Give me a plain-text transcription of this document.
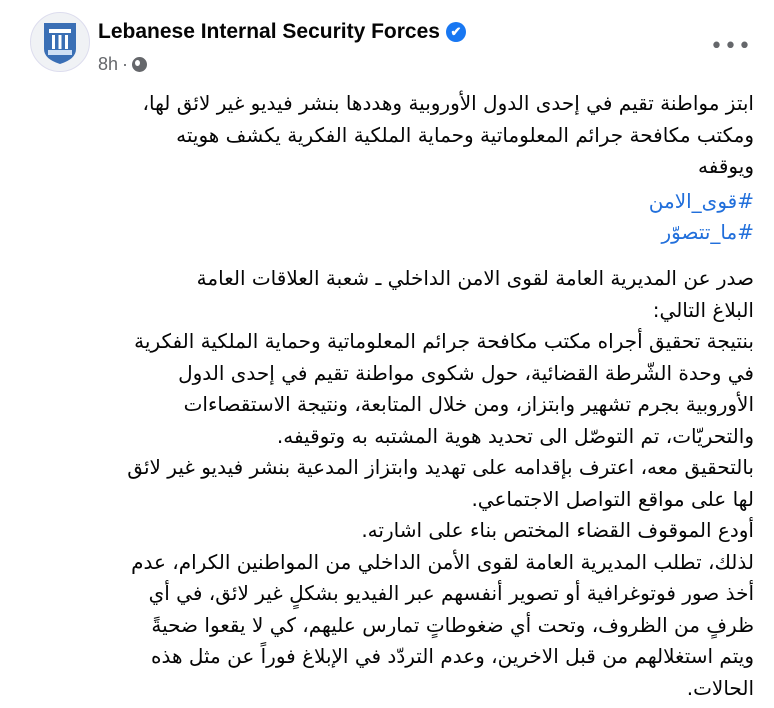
Lebanese Internal Security Forces ✔
8h ·
•••
ابتز مواطنة تقيم في إحدى الدول الأوروبية وهددها بنشر فيديو غير لائق لها،
ومكتب مكافحة جرائم المعلوماتية وحماية الملكية الفكرية يكشف هويته
ويوقفه
#قوى_الامن
#ما_تتصوّر
صدر عن المديرية العامة لقوى الامن الداخلي ـ شعبة العلاقات العامة
البلاغ التالي:
بنتيجة تحقيق أجراه مكتب مكافحة جرائم المعلوماتية وحماية الملكية الفكرية
في وحدة الشّرطة القضائية، حول شكوى مواطنة تقيم في إحدى الدول
الأوروبية بجرم تشهير وابتزاز، ومن خلال المتابعة، ونتيجة الاستقصاءات
والتحريّات، تم التوصّل الى تحديد هوية المشتبه به وتوقيفه.
بالتحقيق معه، اعترف بإقدامه على تهديد وابتزاز المدعية بنشر فيديو غير لائق
لها على مواقع التواصل الاجتماعي.
أودع الموقوف القضاء المختص بناء على اشارته.
لذلك، تطلب المديرية العامة لقوى الأمن الداخلي من المواطنين الكرام، عدم
أخذ صور فوتوغرافية أو تصوير أنفسهم عبر الفيديو بشكلٍ غير لائق، في أي
ظرفٍ من الظروف، وتحت أي ضغوطاتٍ تمارس عليهم، كي لا يقعوا ضحيةً
ويتم استغلالهم من قبل الاخرين، وعدم التردّد في الإبلاغ فوراً عن مثل هذه
الحالات.
